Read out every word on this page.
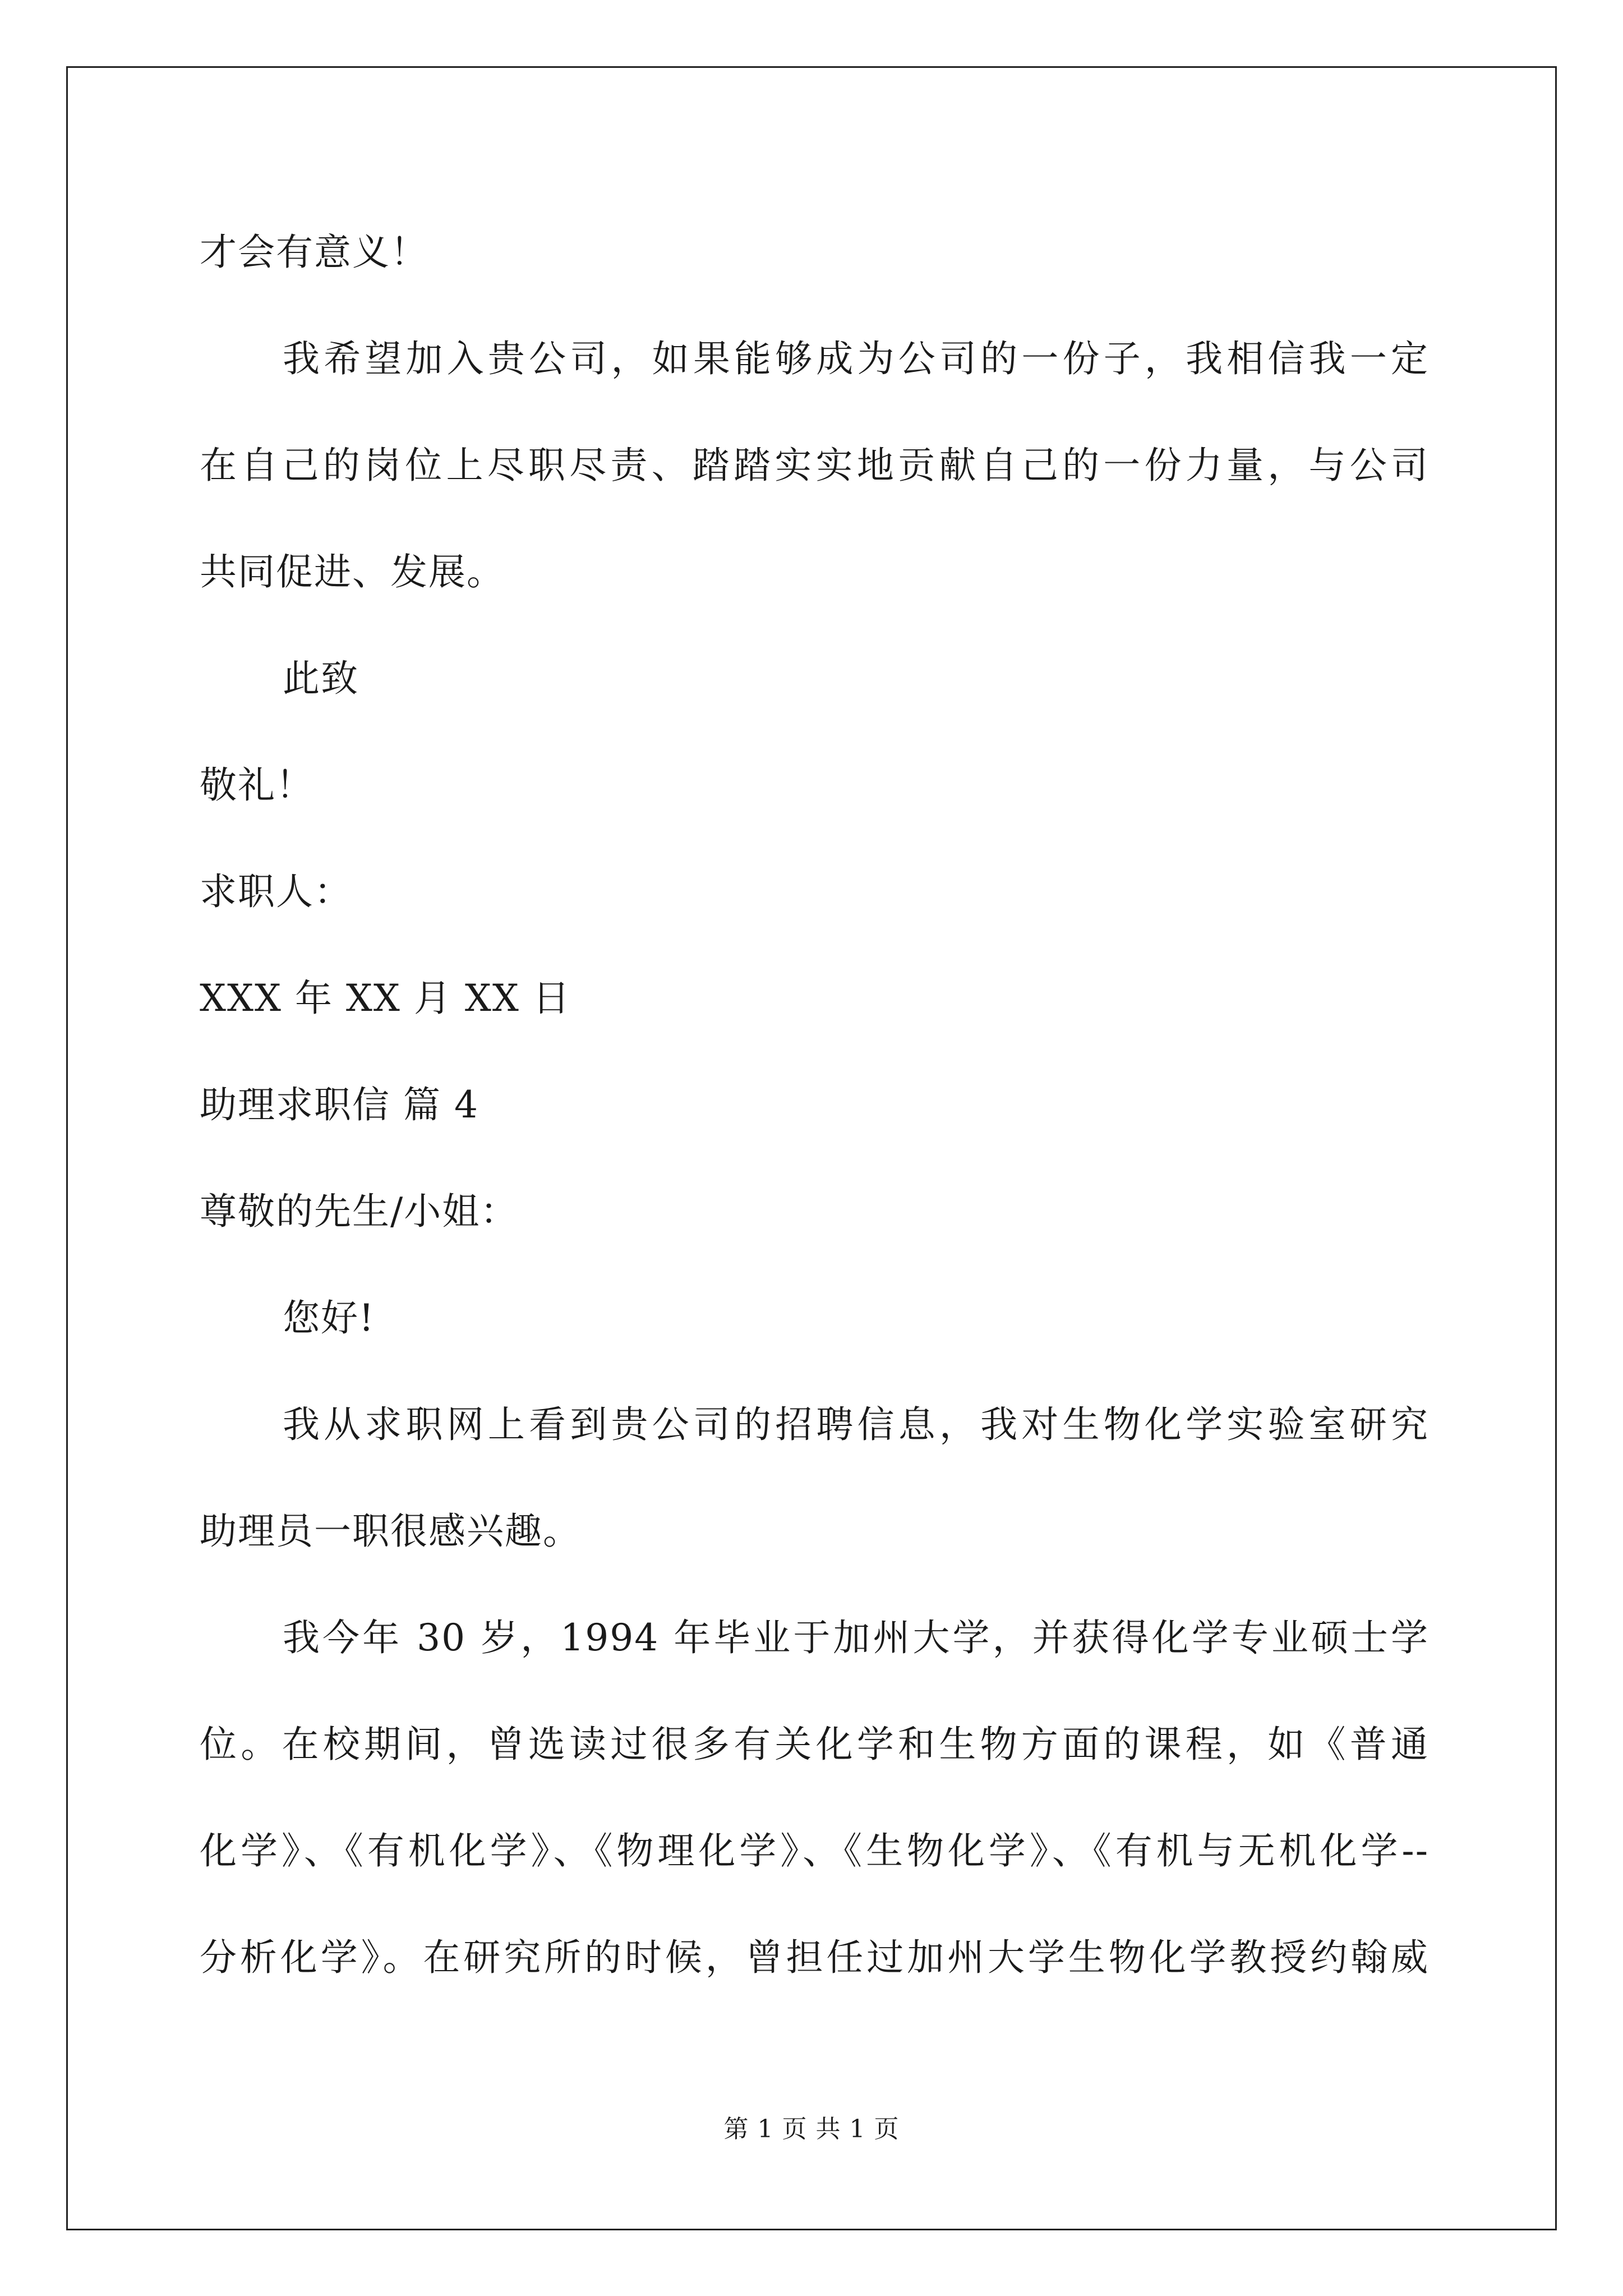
才会有意义！
我希望加入贵公司，如果能够成为公司的一份子，我相信我一定
在自己的岗位上尽职尽责、踏踏实实地贡献自己的一份力量，与公司
共同促进、发展。
此致
敬礼！
求职人：
XXX 年 XX 月 XX 日
助理求职信 篇 4
尊敬的先生/小姐：
您好!
我从求职网上看到贵公司的招聘信息，我对生物化学实验室研究
助理员一职很感兴趣。
我今年 30 岁，1994 年毕业于加州大学，并获得化学专业硕士学
位。在校期间，曾选读过很多有关化学和生物方面的课程，如《普通
化学》、《有机化学》、《物理化学》、《生物化学》、《有机与无机化学--
分析化学》。在研究所的时候，曾担任过加州大学生物化学教授约翰威
第 1 页 共 1 页
